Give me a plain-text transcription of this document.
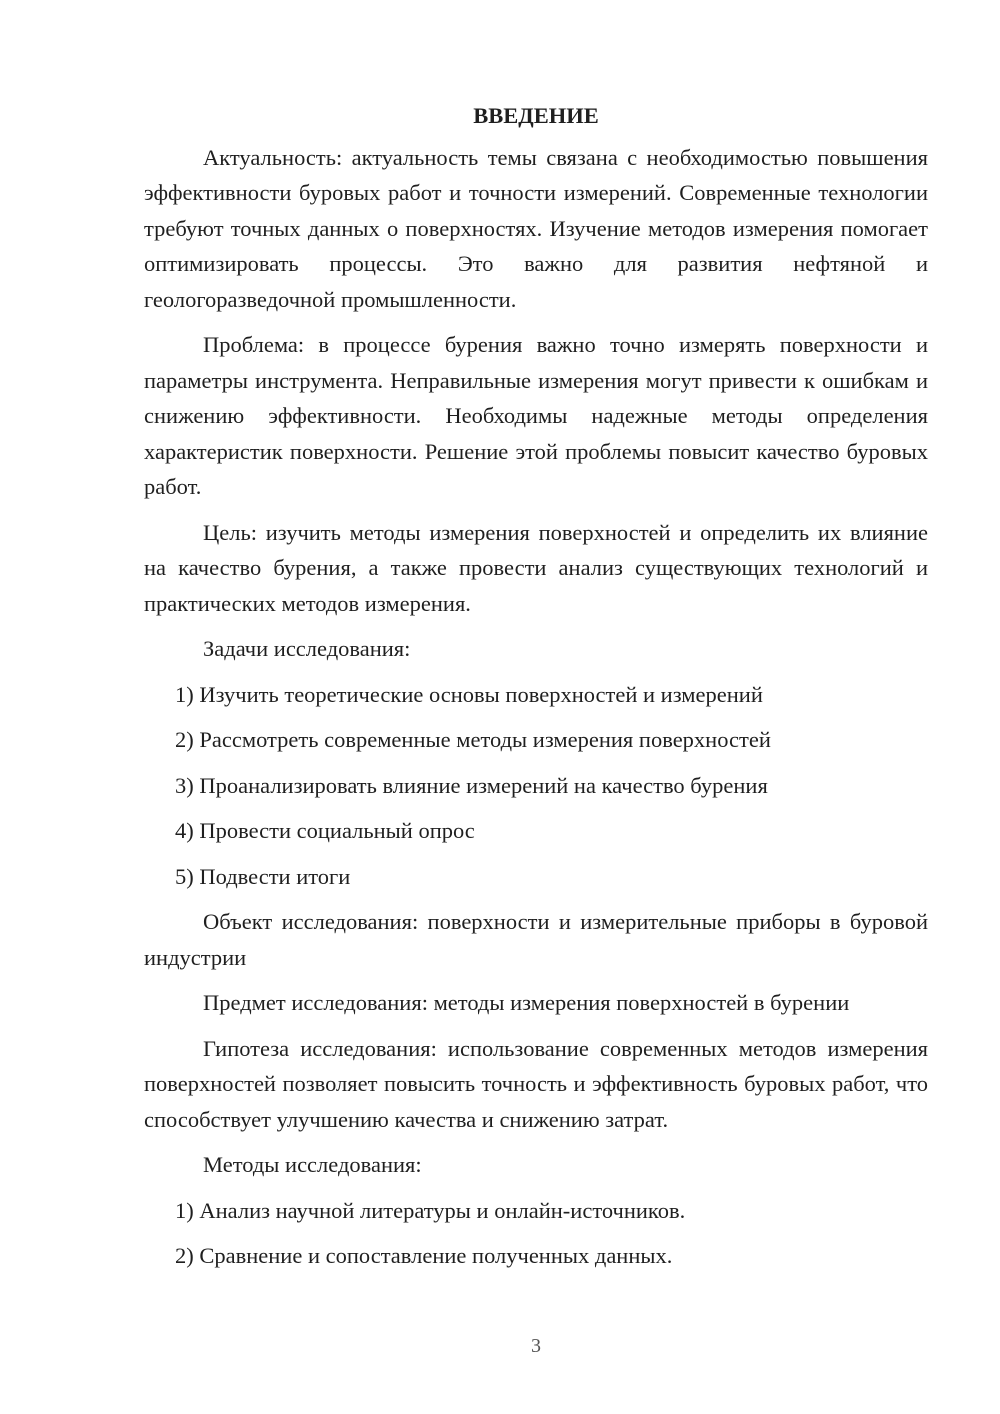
ВВЕДЕНИЕ

Актуальность: актуальность темы связана с необходимостью повышения эффективности буровых работ и точности измерений. Современные технологии требуют точных данных о поверхностях. Изучение методов измерения помогает оптимизировать процессы. Это важно для развития нефтяной и геологоразведочной промышленности.

Проблема: в процессе бурения важно точно измерять поверхности и параметры инструмента. Неправильные измерения могут привести к ошибкам и снижению эффективности. Необходимы надежные методы определения характеристик поверхности. Решение этой проблемы повысит качество буровых работ.

Цель: изучить методы измерения поверхностей и определить их влияние на качество бурения, а также провести анализ существующих технологий и практических методов измерения.

Задачи исследования:

1) Изучить теоретические основы поверхностей и измерений
2) Рассмотреть современные методы измерения поверхностей
3) Проанализировать влияние измерений на качество бурения
4) Провести социальный опрос
5) Подвести итоги

Объект исследования: поверхности и измерительные приборы в буровой индустрии

Предмет исследования: методы измерения поверхностей в бурении

Гипотеза исследования: использование современных методов измерения поверхностей позволяет повысить точность и эффективность буровых работ, что способствует улучшению качества и снижению затрат.

Методы исследования:

1) Анализ научной литературы и онлайн-источников.
2) Сравнение и сопоставление полученных данных.
3
